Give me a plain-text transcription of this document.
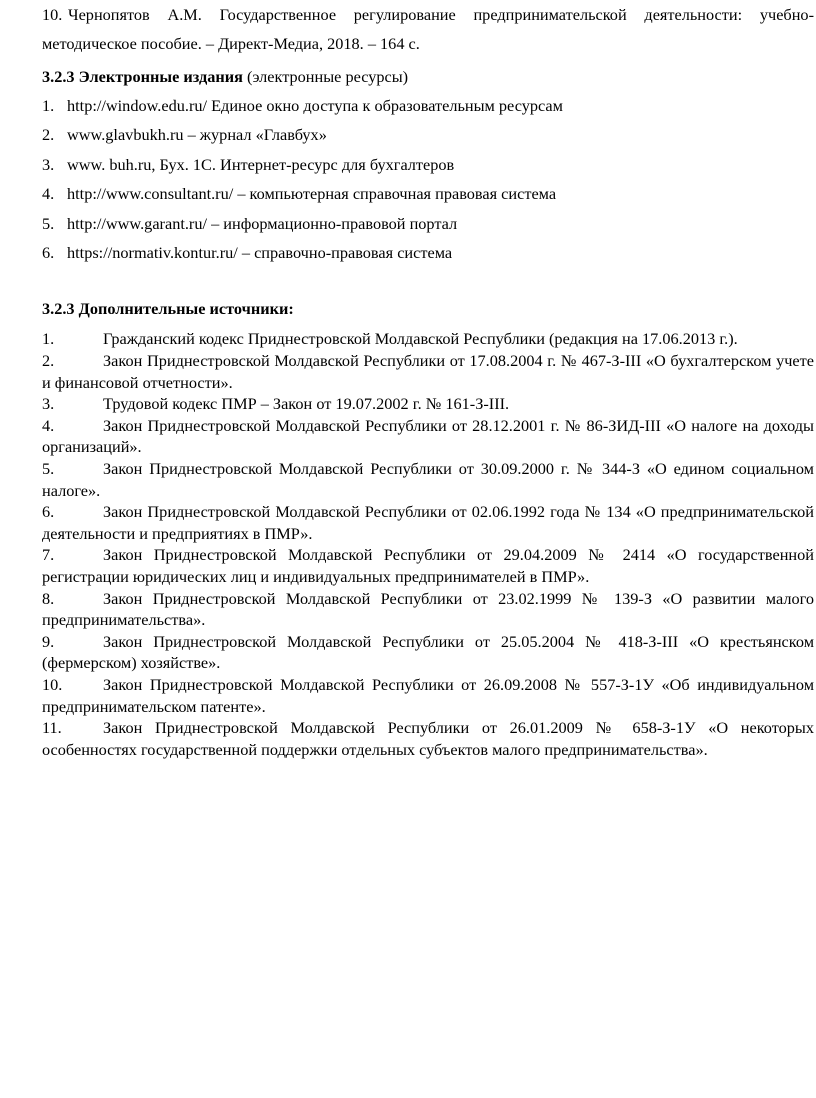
10. Чернопятов А.М. Государственное регулирование предпринимательской деятельности: учебно-методическое пособие. – Директ-Медиа, 2018. – 164 с.
3.2.3 Электронные издания (электронные ресурсы)
1. http://window.edu.ru/ Единое окно доступа к образовательным ресурсам
2. www.glavbukh.ru – журнал «Главбух»
3. www. buh.ru, Бух. 1С. Интернет-ресурс для бухгалтеров
4. http://www.consultant.ru/ – компьютерная справочная правовая система
5. http://www.garant.ru/ – информационно-правовой портал
6. https://normativ.kontur.ru/ – справочно-правовая система
3.2.3 Дополнительные источники:
1.	Гражданский кодекс Приднестровской Молдавской Республики (редакция на 17.06.2013 г.).
2.	Закон Приднестровской Молдавской Республики от 17.08.2004 г. № 467-З-III «О бухгалтерском учете и финансовой отчетности».
3.	Трудовой кодекс ПМР – Закон от 19.07.2002 г. № 161-З-III.
4.	Закон Приднестровской Молдавской Республики от 28.12.2001 г. № 86-ЗИД-III «О налоге на доходы организаций».
5.	Закон Приднестровской Молдавской Республики от 30.09.2000 г. № 344-З «О едином социальном налоге».
6.	Закон Приднестровской Молдавской Республики от 02.06.1992 года № 134 «О предпринимательской деятельности и предприятиях в ПМР».
7.	Закон Приднестровской Молдавской Республики от 29.04.2009 № 2414 «О государственной регистрации юридических лиц и индивидуальных предпринимателей в ПМР».
8.	Закон Приднестровской Молдавской Республики от 23.02.1999 № 139-З «О развитии малого предпринимательства».
9.	Закон Приднестровской Молдавской Республики от 25.05.2004 № 418-З-III «О крестьянском (фермерском) хозяйстве».
10. Закон Приднестровской Молдавской Республики от 26.09.2008 № 557-З-1У «Об индивидуальном предпринимательском патенте».
11.	Закон Приднестровской Молдавской Республики от 26.01.2009 № 658-З-1У «О некоторых особенностях государственной поддержки отдельных субъектов малого предпринимательства».
